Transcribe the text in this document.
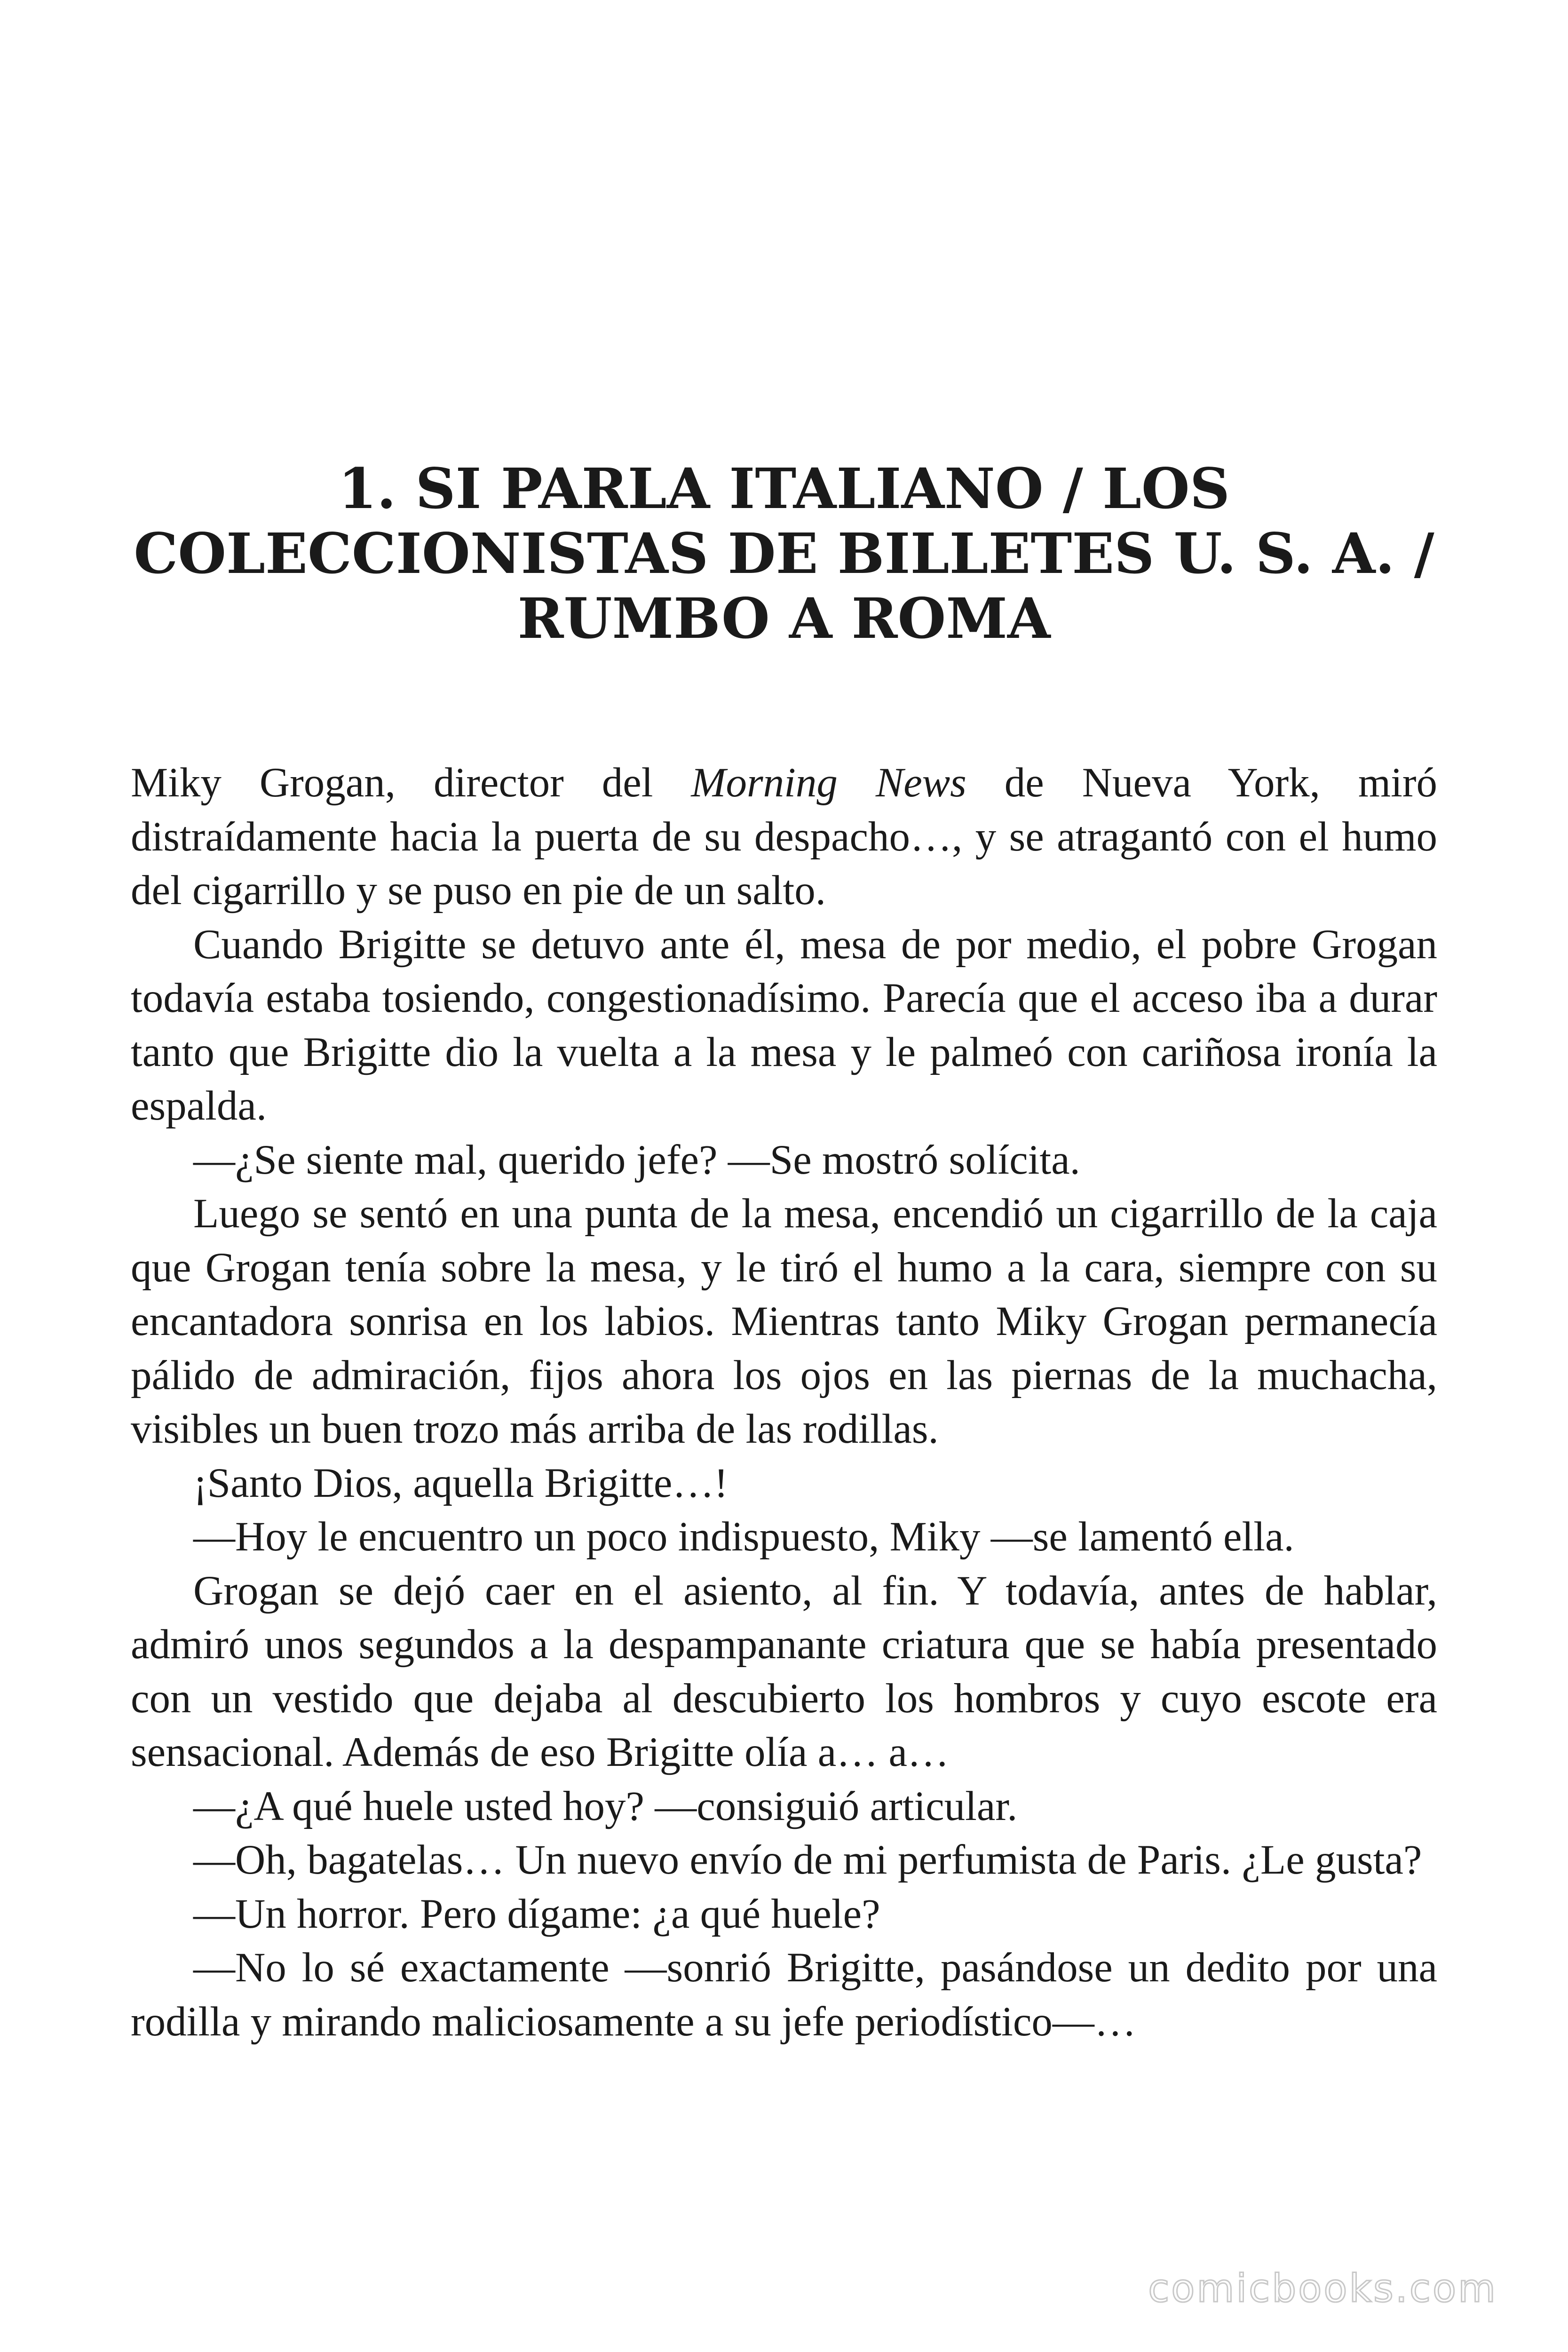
1. SI PARLA ITALIANO / LOS
COLECCIONISTAS DE BILLETES U. S. A. /
RUMBO A ROMA

Miky Grogan, director del Morning News de Nueva York, miró distraídamente hacia la puerta de su despacho…, y se atragantó con el humo del cigarrillo y se puso en pie de un salto.

Cuando Brigitte se detuvo ante él, mesa de por medio, el pobre Grogan todavía estaba tosiendo, congestionadísimo. Parecía que el acceso iba a durar tanto que Brigitte dio la vuelta a la mesa y le palmeó con cariñosa ironía la espalda.

—¿Se siente mal, querido jefe? —Se mostró solícita.

Luego se sentó en una punta de la mesa, encendió un cigarrillo de la caja que Grogan tenía sobre la mesa, y le tiró el humo a la cara, siempre con su encantadora sonrisa en los labios. Mientras tanto Miky Grogan permanecía pálido de admiración, fijos ahora los ojos en las piernas de la muchacha, visibles un buen trozo más arriba de las rodillas.

¡Santo Dios, aquella Brigitte…!

—Hoy le encuentro un poco indispuesto, Miky —se lamentó ella.

Grogan se dejó caer en el asiento, al fin. Y todavía, antes de hablar, admiró unos segundos a la despampanante criatura que se había presentado con un vestido que dejaba al descubierto los hombros y cuyo escote era sensacional. Además de eso Brigitte olía a… a…

—¿A qué huele usted hoy? —consiguió articular.

—Oh, bagatelas… Un nuevo envío de mi perfumista de Paris. ¿Le gusta?

—Un horror. Pero dígame: ¿a qué huele?

—No lo sé exactamente —sonrió Brigitte, pasándose un dedito por una rodilla y mirando maliciosamente a su jefe periodístico—…

comicbooks.com
